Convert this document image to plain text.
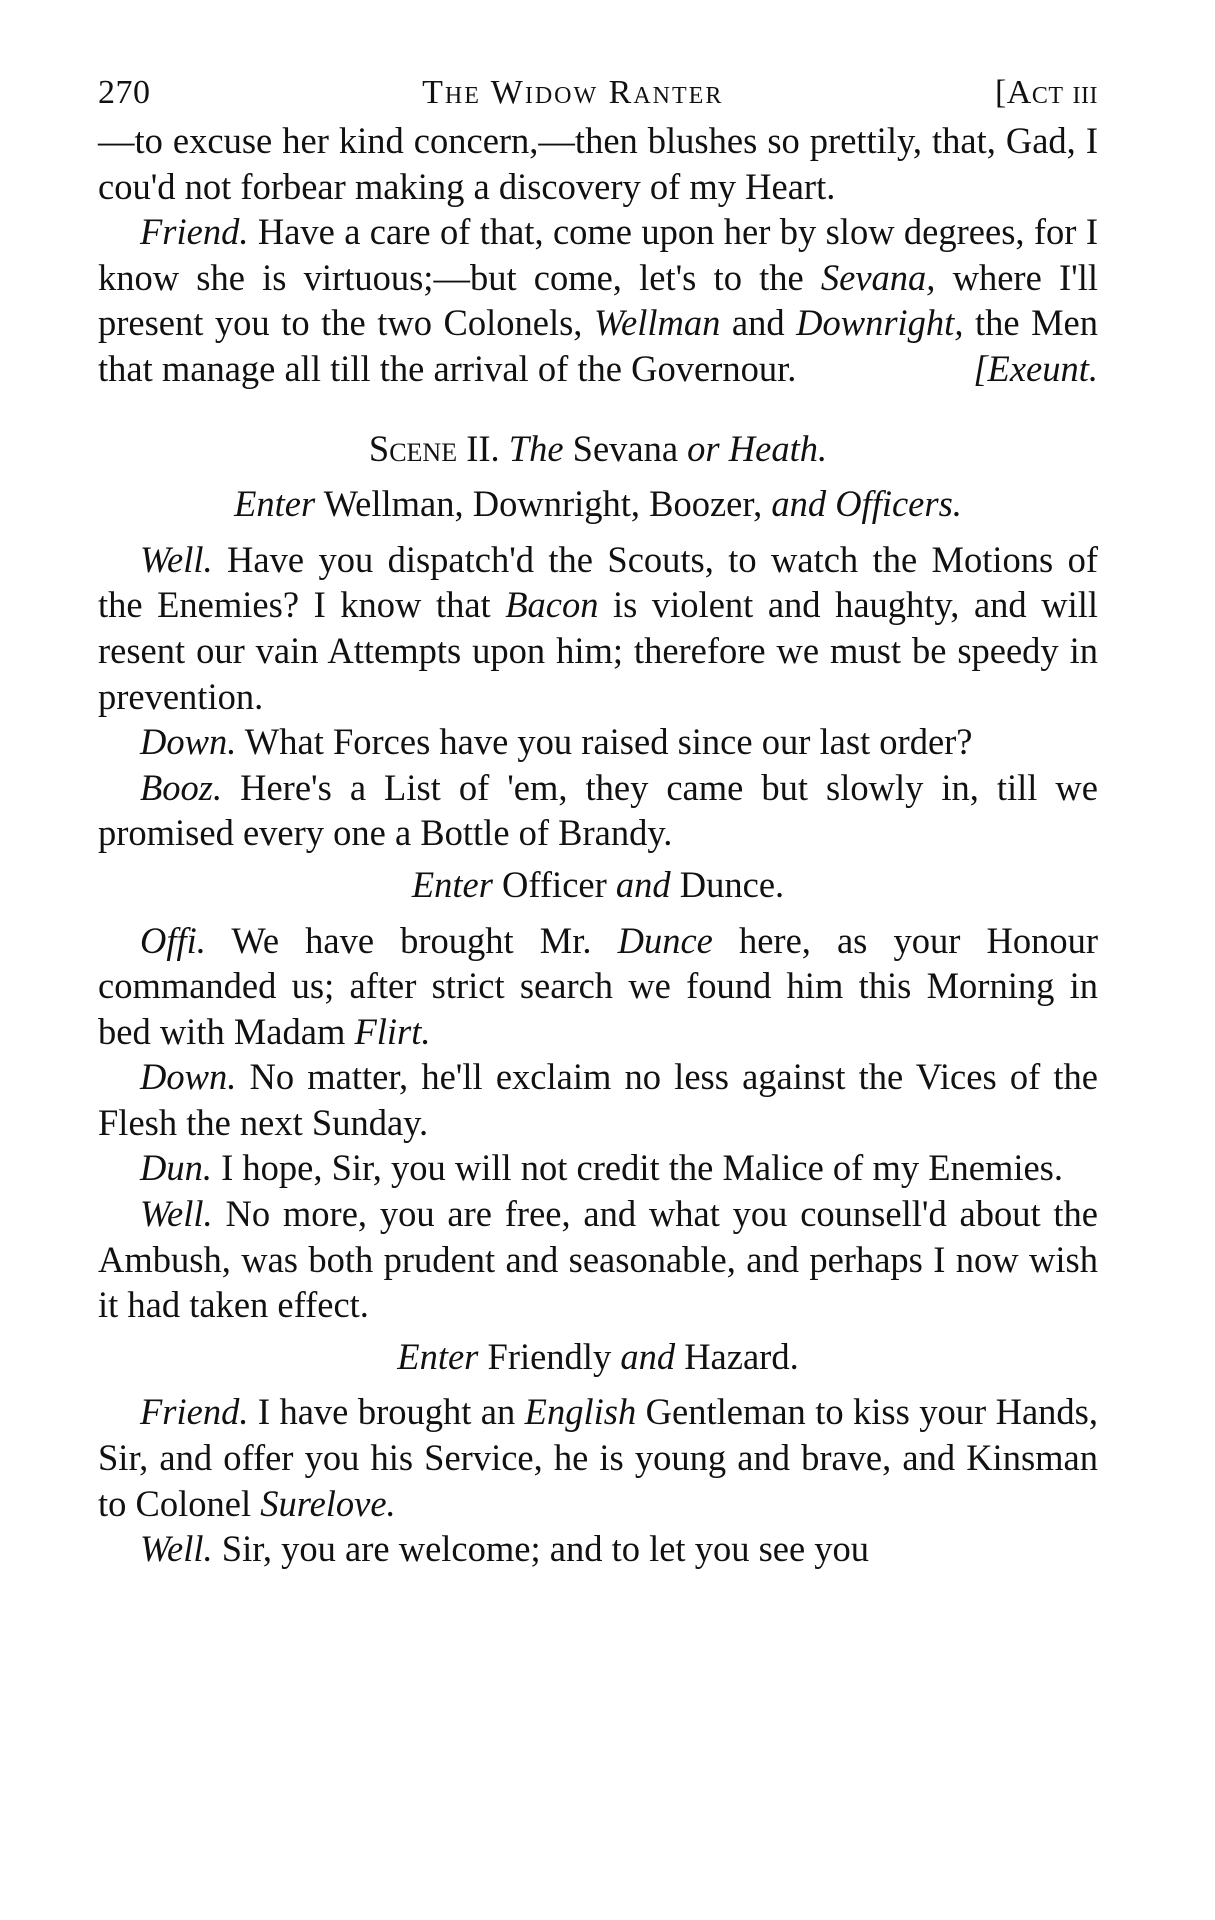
270	The Widow Ranter	[Act iii

—to excuse her kind concern,—then blushes so prettily, that, Gad, I cou'd not forbear making a discovery of my Heart.

Friend. Have a care of that, come upon her by slow degrees, for I know she is virtuous;—but come, let's to the Sevana, where I'll present you to the two Colonels, Wellman and Downright, the Men that manage all till the arrival of the Governour.	[Exeunt.

Scene II. The Sevana or Heath.

Enter Wellman, Downright, Boozer, and Officers.

Well. Have you dispatch'd the Scouts, to watch the Motions of the Enemies? I know that Bacon is violent and haughty, and will resent our vain Attempts upon him; therefore we must be speedy in prevention.

Down. What Forces have you raised since our last order?

Booz. Here's a List of 'em, they came but slowly in, till we promised every one a Bottle of Brandy.

Enter Officer and Dunce.

Offi. We have brought Mr. Dunce here, as your Honour commanded us; after strict search we found him this Morning in bed with Madam Flirt.

Down. No matter, he'll exclaim no less against the Vices of the Flesh the next Sunday.

Dun. I hope, Sir, you will not credit the Malice of my Enemies.

Well. No more, you are free, and what you counsell'd about the Ambush, was both prudent and seasonable, and perhaps I now wish it had taken effect.

Enter Friendly and Hazard.

Friend. I have brought an English Gentleman to kiss your Hands, Sir, and offer you his Service, he is young and brave, and Kinsman to Colonel Surelove.

Well. Sir, you are welcome; and to let you see you
